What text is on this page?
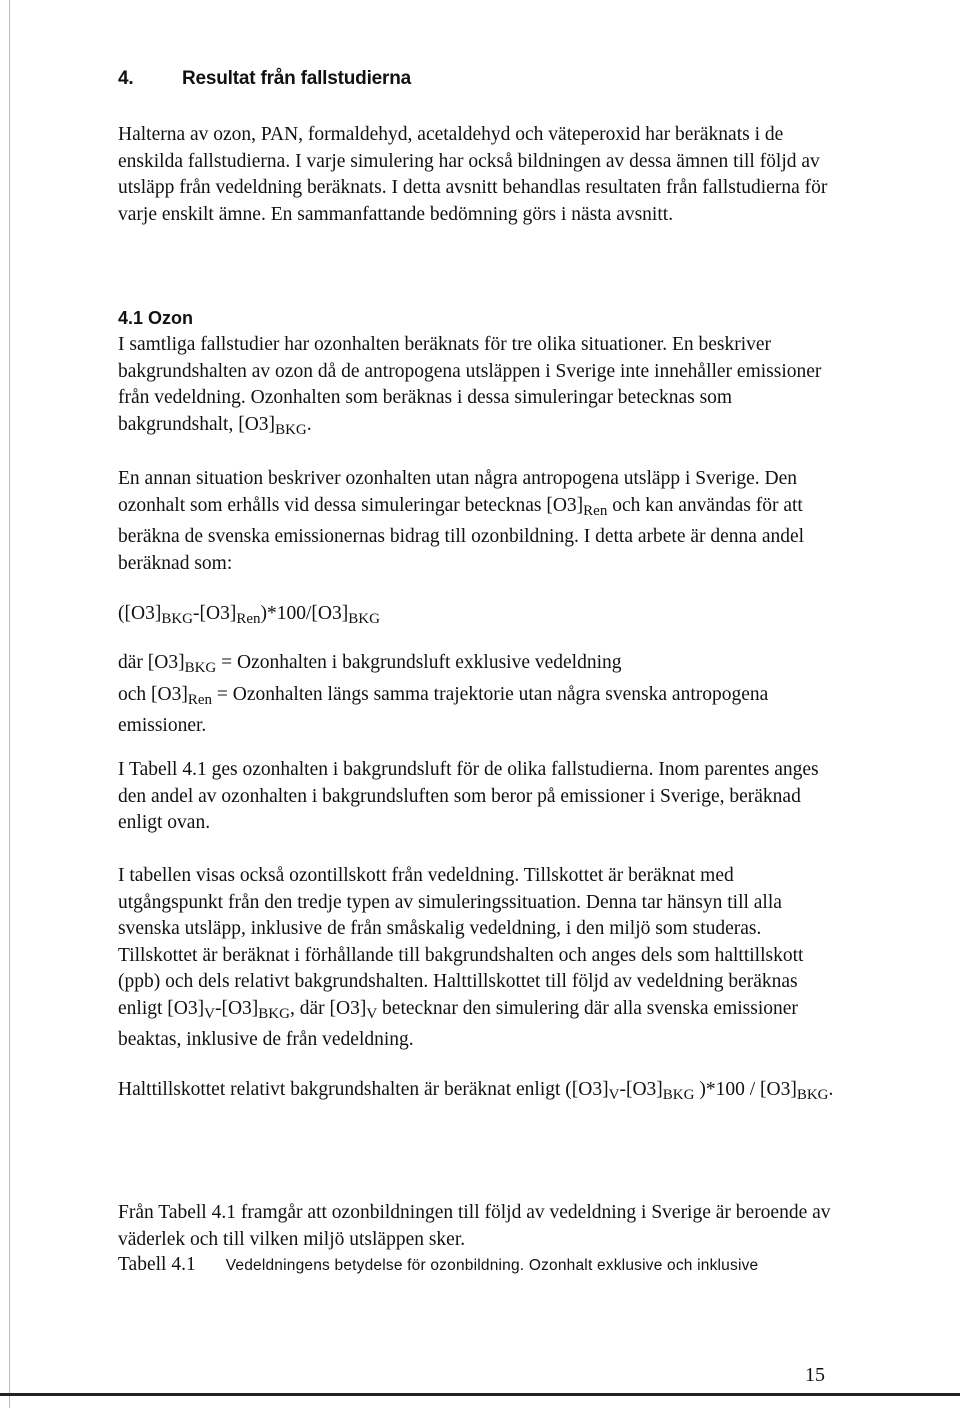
4.	Resultat från fallstudierna

Halterna av ozon, PAN, formaldehyd, acetaldehyd och väteperoxid har beräknats i de enskilda fallstudierna. I varje simulering har också bildningen av dessa ämnen till följd av utsläpp från vedeldning beräknats. I detta avsnitt behandlas resultaten från fallstudierna för varje enskilt ämne. En sammanfattande bedömning görs i nästa avsnitt.

4.1 Ozon

I samtliga fallstudier har ozonhalten beräknats för tre olika situationer. En beskriver bakgrundshalten av ozon då de antropogena utsläppen i Sverige inte innehåller emissioner från vedeldning. Ozonhalten som beräknas i dessa simuleringar betecknas som bakgrundshalt, $[O3]_{BKG}$.

En annan situation beskriver ozonhalten utan några antropogena utsläpp i Sverige. Den ozonhalt som erhålls vid dessa simuleringar betecknas $[O3]_{Ren}$ och kan användas för att beräkna de svenska emissionernas bidrag till ozonbildning. I detta arbete är denna andel beräknad som:

$([O3]_{BKG}-[O3]_{Ren})*100/[O3]_{BKG}$

där $[O3]_{BKG}$ = Ozonhalten i bakgrundsluft exklusive vedeldning
och $[O3]_{Ren}$ = Ozonhalten längs samma trajektorie utan några svenska antropogena emissioner.

I Tabell 4.1 ges ozonhalten i bakgrundsluft för de olika fallstudierna. Inom parentes anges den andel av ozonhalten i bakgrundsluften som beror på emissioner i Sverige, beräknad enligt ovan.

I tabellen visas också ozontillskott från vedeldning. Tillskottet är beräknat med utgångspunkt från den tredje typen av simuleringssituation. Denna tar hänsyn till alla svenska utsläpp, inklusive de från småskalig vedeldning, i den miljö som studeras. Tillskottet är beräknat i förhållande till bakgrundshalten och anges dels som halttillskott (ppb) och dels relativt bakgrundshalten. Halttillskottet till följd av vedeldning beräknas enligt $[O3]_V-[O3]_{BKG}$, där $[O3]_V$ betecknar den simulering där alla svenska emissioner beaktas, inklusive de från vedeldning.

Halttillskottet relativt bakgrundshalten är beräknat enligt ($[O3]_V-[O3]_{BKG}$ )$*100 / [O3]_{BKG}$.

Från Tabell 4.1 framgår att ozonbildningen till följd av vedeldning i Sverige är beroende av väderlek och till vilken miljö utsläppen sker.

Tabell 4.1 Vedeldningens betydelse för ozonbildning. Ozonhalt exklusive och inklusive
15
